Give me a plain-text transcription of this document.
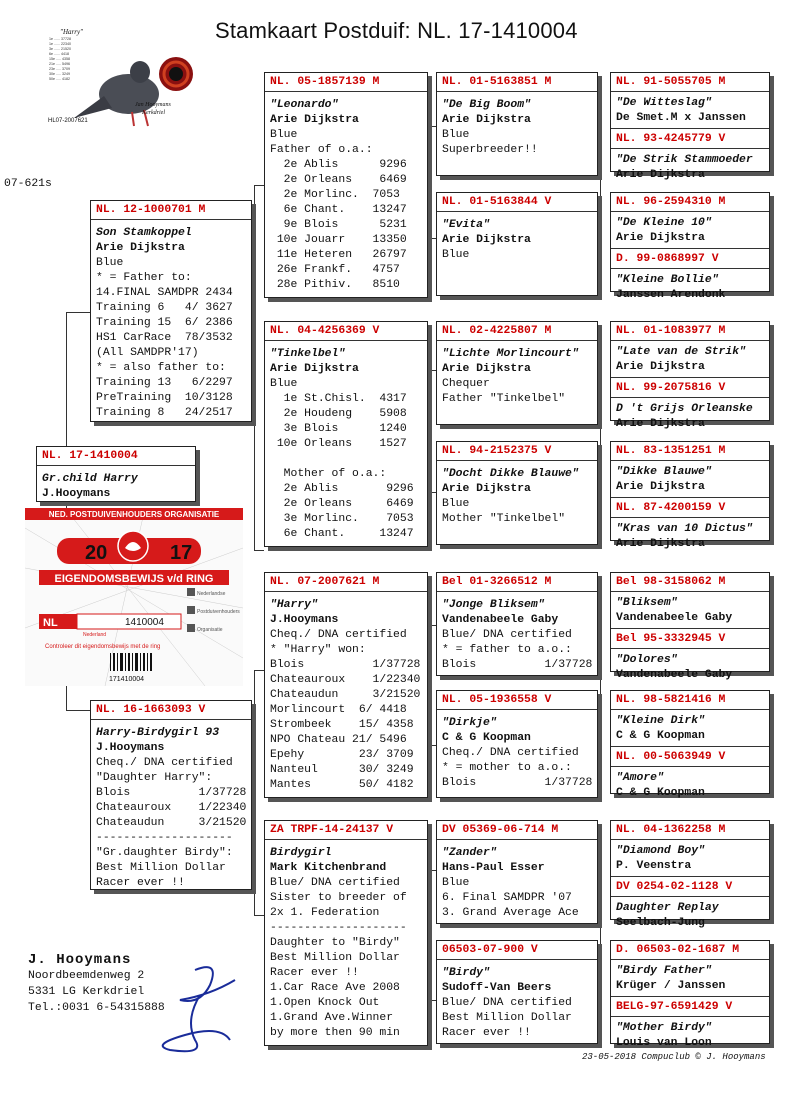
Stamkaart Postduif: NL. 17-1410004
1e ...... 37728
1e ...... 22340
3e ...... 21520
6e ...... 4418
15e ..... 4358
21e ..... 5496
23e ..... 3709
30e ..... 3249
50e ..... 4182
"Harry"
HL07-2007621
Jan Hooymans
Kerkdriel
07-621s
NL. 12-1000701 M
Son Stamkoppel
Arie Dijkstra
Blue
* = Father to:
14.FINAL SAMDPR 2434
Training 6   4/ 3627
Training 15  6/ 2386
HS1 CarRace  78/3532
(All SAMDPR'17)
* = also father to:
Training 13   6/2297
PreTraining  10/3128
Training 8   24/2517
NL. 17-1410004
Gr.child Harry
J.Hooymans
NL. 16-1663093 V
Harry-Birdygirl 93
J.Hooymans
Cheq./ DNA certified
"Daughter Harry":
Blois          1/37728
Chateauroux    1/22340
Chateaudun     3/21520
--------------------
"Gr.daughter Birdy":
Best Million Dollar
Racer ever !!
NED. POSTDUIVENHOUDERS ORGANISATIE
20	17
EIGENDOMSBEWIJS v/d RING
NL	1410004
Nederland
Nederlandse
Postduivenhouders
Organisatie
Controleer dit eigendomsbewijs met de ring
171410004
NL. 05-1857139 M
"Leonardo"
Arie Dijkstra
Blue
Father of o.a.:
2e Ablis      9296
2e Orleans    6469
2e Morlinc.  7053
6e Chant.    13247
9e Blois      5231
10e Jouarr    13350
11e Heteren   26797
26e Frankf.   4757
28e Pithiv.   8510
NL. 04-4256369 V
"Tinkelbel"
Arie Dijkstra
Blue
1e St.Chisl.  4317
2e Houdeng    5908
3e Blois      1240
10e Orleans    1527

Mother of o.a.:
2e Ablis       9296
2e Orleans     6469
3e Morlinc.    7053
6e Chant.     13247
NL. 07-2007621 M
"Harry"
J.Hooymans
Cheq./ DNA certified
* "Harry" won:
Blois          1/37728
Chateauroux    1/22340
Chateaudun     3/21520
Morlincourt  6/ 4418
Strombeek    15/ 4358
NPO Chateau 21/ 5496
Epehy        23/ 3709
Nanteul      30/ 3249
Mantes       50/ 4182
ZA TRPF-14-24137 V
Birdygirl
Mark Kitchenbrand
Blue/ DNA certified
Sister to breeder of
2x 1. Federation
--------------------
Daughter to "Birdy"
Best Million Dollar
Racer ever !!
1.Car Race Ave 2008
1.Open Knock Out
1.Grand Ave.Winner
by more then 90 min
NL. 01-5163851 M
"De Big Boom"
Arie Dijkstra
Blue
Superbreeder!!
NL. 01-5163844 V
"Evita"
Arie Dijkstra
Blue
NL. 02-4225807 M
"Lichte Morlincourt"
Arie Dijkstra
Chequer
Father "Tinkelbel"
NL. 94-2152375 V
"Docht Dikke Blauwe"
Arie Dijkstra
Blue
Mother "Tinkelbel"
Bel 01-3266512 M
"Jonge Bliksem"
Vandenabeele Gaby
Blue/ DNA certified
* = father to a.o.:
Blois          1/37728
NL. 05-1936558 V
"Dirkje"
C & G Koopman
Cheq./ DNA certified
* = mother to a.o.:
Blois          1/37728
DV 05369-06-714 M
"Zander"
Hans-Paul Esser
Blue
6. Final SAMDPR '07
3. Grand Average Ace
06503-07-900 V
"Birdy"
Sudoff-Van Beers
Blue/ DNA certified
Best Million Dollar
Racer ever !!
NL. 91-5055705 M
"De Witteslag"
De Smet.M x Janssen
NL. 93-4245779 V
"De Strik Stammoeder
Arie Dijkstra
NL. 96-2594310 M
"De Kleine 10"
Arie Dijkstra
D. 99-0868997 V
"Kleine Bollie"
Janssen Arendonk
NL. 01-1083977 M
"Late van de Strik"
Arie Dijkstra
NL. 99-2075816 V
D 't Grijs Orleanske
Arie Dijkstra
NL. 83-1351251 M
"Dikke Blauwe"
Arie Dijkstra
NL. 87-4200159 V
"Kras van 10 Dictus"
Arie Dijkstra
Bel 98-3158062 M
"Bliksem"
Vandenabeele Gaby
Bel 95-3332945 V
"Dolores"
Vandenabeele Gaby
NL. 98-5821416 M
"Kleine Dirk"
C & G Koopman
NL. 00-5063949 V
"Amore"
C & G Koopman
NL. 04-1362258 M
"Diamond Boy"
P. Veenstra
DV 0254-02-1128 V
Daughter Replay
Seelbach-Jung
D. 06503-02-1687 M
"Birdy Father"
Krüger / Janssen
BELG-97-6591429 V
"Mother Birdy"
Louis van Loon
J. Hooymans
Noordbeemdenweg 2
5331 LG Kerkdriel
Tel.:0031 6-54315888
23-05-2018 Compuclub © J. Hooymans
